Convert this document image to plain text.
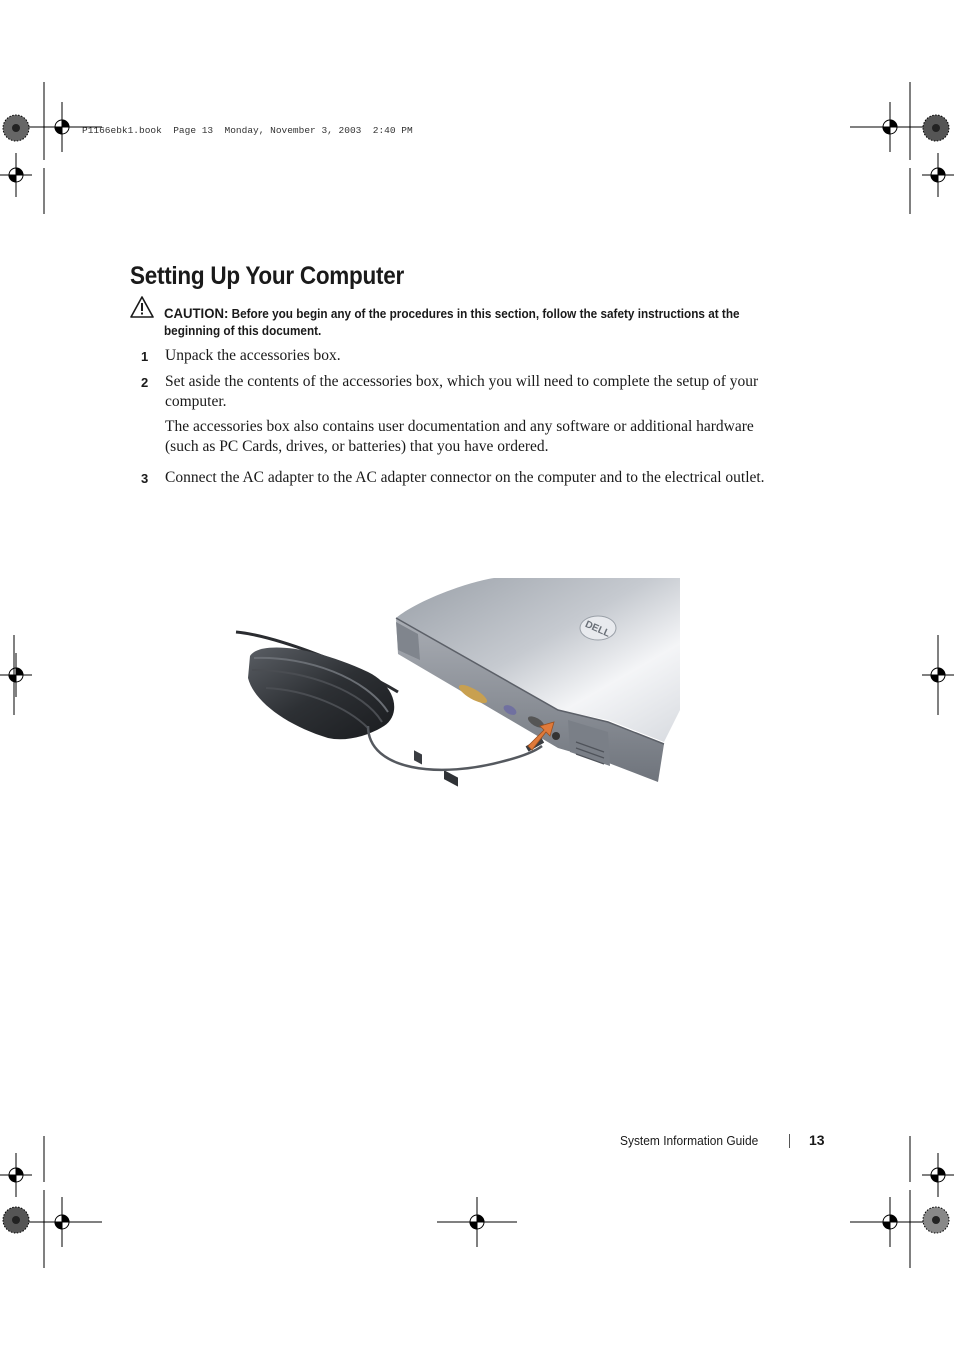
P1166ebk1.book  Page 13  Monday, November 3, 2003  2:40 PM
Setting Up Your Computer
CAUTION: Before you begin any of the procedures in this section, follow the safety instructions at the beginning of this document.
1 Unpack the accessories box.
2 Set aside the contents of the accessories box, which you will need to complete the setup of your computer.
The accessories box also contains user documentation and any software or additional hardware (such as PC Cards, drives, or batteries) that you have ordered.
3 Connect the AC adapter to the AC adapter connector on the computer and to the electrical outlet.
DELL
System Information Guide	13
